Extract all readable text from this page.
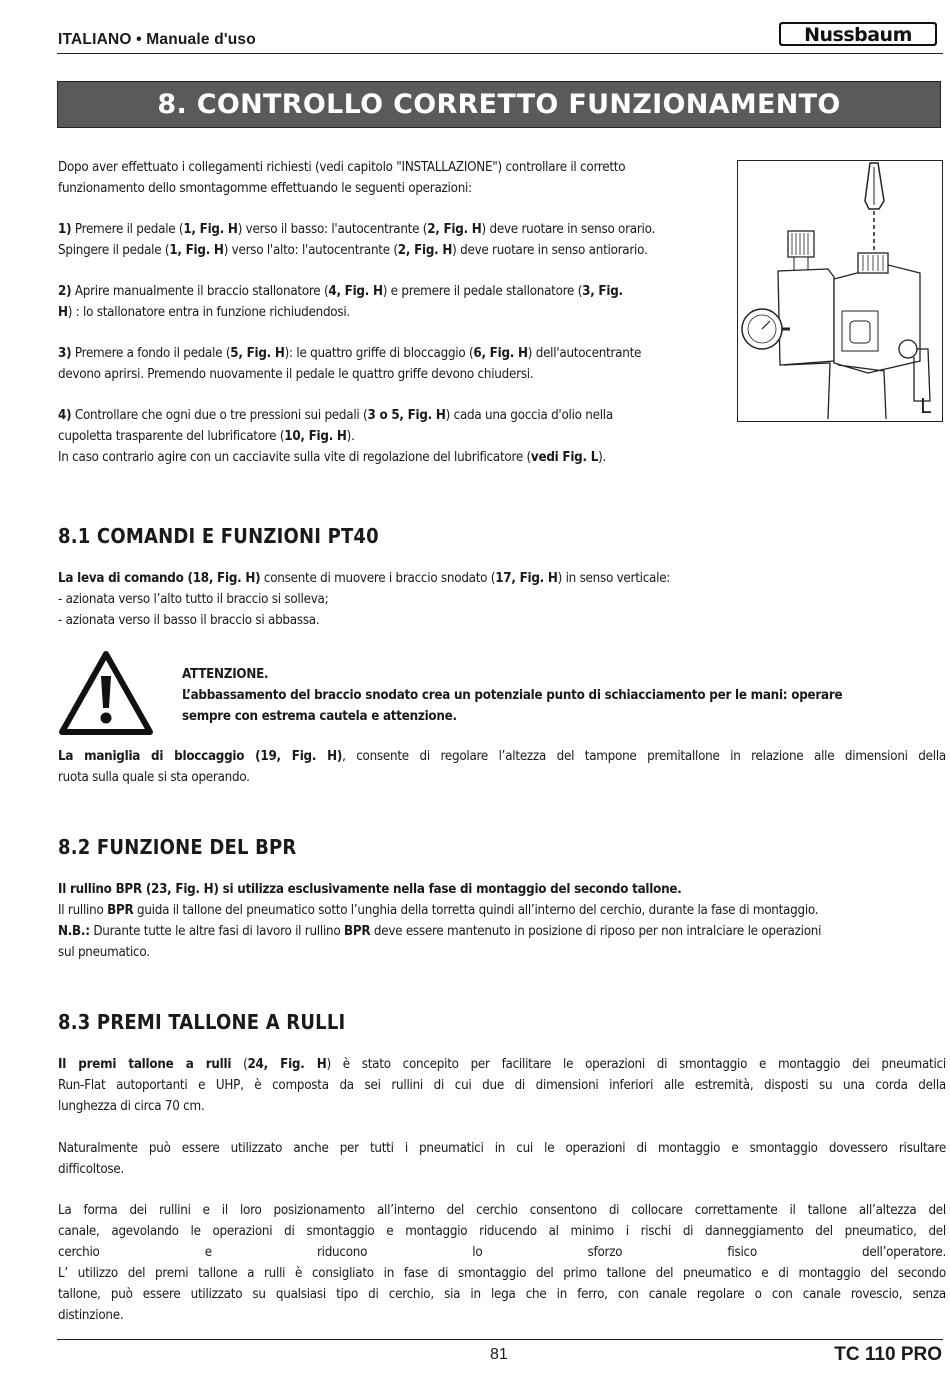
ITALIANO • Manuale d'uso	Nussbaum
8. CONTROLLO CORRETTO FUNZIONAMENTO
Dopo aver effettuato i collegamenti richiesti (vedi capitolo "INSTALLAZIONE") controllare il corretto
funzionamento dello smontagomme effettuando le seguenti operazioni:
1) Premere il pedale (1, Fig. H) verso il basso: l'autocentrante (2, Fig. H) deve ruotare in senso orario.
Spingere il pedale (1, Fig. H) verso l'alto: l'autocentrante (2, Fig. H) deve ruotare in senso antiorario.
2) Aprire manualmente il braccio stallonatore (4, Fig. H) e premere il pedale stallonatore (3, Fig.
H) : lo stallonatore entra in funzione richiudendosi.
3) Premere a fondo il pedale (5, Fig. H): le quattro griffe di bloccaggio (6, Fig. H) dell'autocentrante
devono aprirsi. Premendo nuovamente il pedale le quattro griffe devono chiudersi.
4) Controllare che ogni due o tre pressioni sui pedali (3 o 5, Fig. H) cada una goccia d'olio nella
cupoletta trasparente del lubrificatore (10, Fig. H).
In caso contrario agire con un cacciavite sulla vite di regolazione del lubrificatore (vedi Fig. L).
L
8.1 COMANDI E FUNZIONI PT40
La leva di comando (18, Fig. H) consente di muovere i braccio snodato (17, Fig. H) in senso verticale:
- azionata verso l’alto tutto il braccio si solleva;
- azionata verso il basso il braccio si abbassa.
ATTENZIONE.
L’abbassamento del braccio snodato crea un potenziale punto di schiacciamento per le mani: operare
sempre con estrema cautela e attenzione.
La maniglia di bloccaggio (19, Fig. H), consente di regolare l’altezza del tampone premitallone in relazione alle dimensioni della
ruota sulla quale si sta operando.
8.2 FUNZIONE DEL BPR
Il rullino BPR (23, Fig. H) si utilizza esclusivamente nella fase di montaggio del secondo tallone.
Il rullino BPR guida il tallone del pneumatico sotto l’unghia della torretta quindi all’interno del cerchio, durante la fase di montaggio.
N.B.: Durante tutte le altre fasi di lavoro il rullino BPR deve essere mantenuto in posizione di riposo per non intralciare le operazioni
sul pneumatico.
8.3 PREMI TALLONE A RULLI
Il premi tallone a rulli (24, Fig. H) è stato concepito per facilitare le operazioni di smontaggio e montaggio dei pneumatici
Run-Flat autoportanti e UHP, è composta da sei rullini di cui due di dimensioni inferiori alle estremità, disposti su una corda della
lunghezza di circa 70 cm.
Naturalmente può essere utilizzato anche per tutti i pneumatici in cui le operazioni di montaggio e smontaggio dovessero risultare
difficoltose.
La forma dei rullini e il loro posizionamento all’interno del cerchio consentono di collocare correttamente il tallone all’altezza del
canale, agevolando le operazioni di smontaggio e montaggio riducendo al minimo i rischi di danneggiamento del pneumatico, del
cerchio e riducono lo sforzo fisico dell’operatore.
L’ utilizzo del premi tallone a rulli è consigliato in fase di smontaggio del primo tallone del pneumatico e di montaggio del secondo
tallone, può essere utilizzato su qualsiasi tipo di cerchio, sia in lega che in ferro, con canale regolare o con canale rovescio, senza
distinzione.
81	TC 110 PRO
